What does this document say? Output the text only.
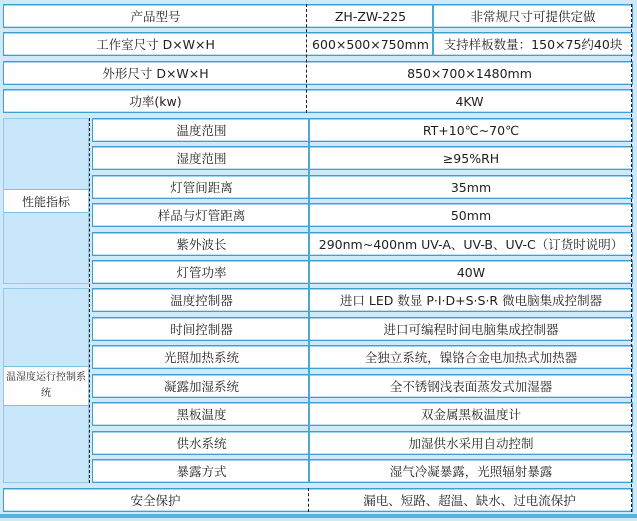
产品型号	ZH-ZW-225	非常规尺寸可提供定做
工作室尺寸 D×W×H	600×500×750mm	支持样板数量：150×75约40块
外形尺寸 D×W×H	850×700×1480mm
功率(kw)	4KW
性能指标
温度范围	RT+10℃~70℃
湿度范围	≥95%RH
灯管间距离	35mm
样品与灯管距离	50mm
紫外波长	290nm~400nm UV-A、UV-B、UV-C（订货时说明）
灯管功率	40W
温湿度运行控制系统
温度控制器	进口 LED 数显 P·I·D+S·S·R 微电脑集成控制器
时间控制器	进口可编程时间电脑集成控制器
光照加热系统	全独立系统，镍铬合金电加热式加热器
凝露加湿系统	全不锈钢浅表面蒸发式加湿器
黑板温度	双金属黑板温度计
供水系统	加湿供水采用自动控制
暴露方式	湿气冷凝暴露，光照辐射暴露
安全保护	漏电、短路、超温、缺水、过电流保护
